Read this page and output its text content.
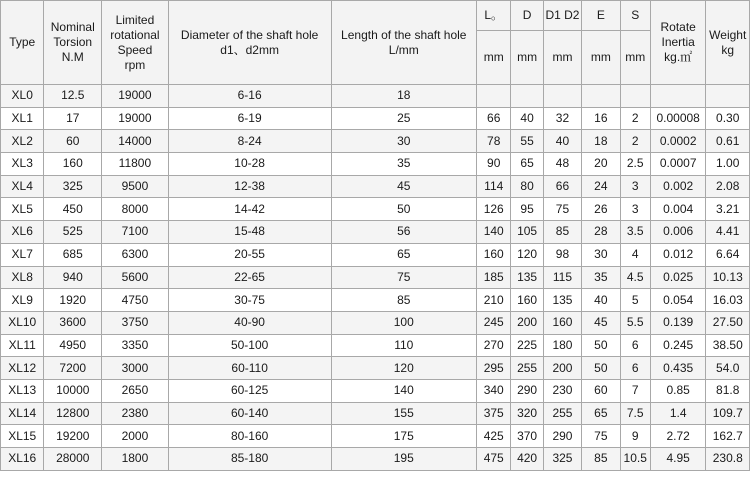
Type	Nominal
Torsion
N.M	Limited
rotational
Speed
rpm	Diameter of the shaft hole
d1、d2mm	Length of the shaft hole
L/mm	L。	D	D1 D2	E	S	Rotate
Inertia
kg.㎡	Weight
kg

					mm	mm	mm	mm	mm		
XL0	12.5	19000	6-16	18							
XL1	17	19000	6-19	25	66	40	32	16	2	0.00008	0.30
XL2	60	14000	8-24	30	78	55	40	18	2	0.0002	0.61
XL3	160	11800	10-28	35	90	65	48	20	2.5	0.0007	1.00
XL4	325	9500	12-38	45	114	80	66	24	3	0.002	2.08
XL5	450	8000	14-42	50	126	95	75	26	3	0.004	3.21
XL6	525	7100	15-48	56	140	105	85	28	3.5	0.006	4.41
XL7	685	6300	20-55	65	160	120	98	30	4	0.012	6.64
XL8	940	5600	22-65	75	185	135	115	35	4.5	0.025	10.13
XL9	1920	4750	30-75	85	210	160	135	40	5	0.054	16.03
XL10	3600	3750	40-90	100	245	200	160	45	5.5	0.139	27.50
XL11	4950	3350	50-100	110	270	225	180	50	6	0.245	38.50
XL12	7200	3000	60-110	120	295	255	200	50	6	0.435	54.0
XL13	10000	2650	60-125	140	340	290	230	60	7	0.85	81.8
XL14	12800	2380	60-140	155	375	320	255	65	7.5	1.4	109.7
XL15	19200	2000	80-160	175	425	370	290	75	9	2.72	162.7
XL16	28000	1800	85-180	195	475	420	325	85	10.5	4.95	230.8
